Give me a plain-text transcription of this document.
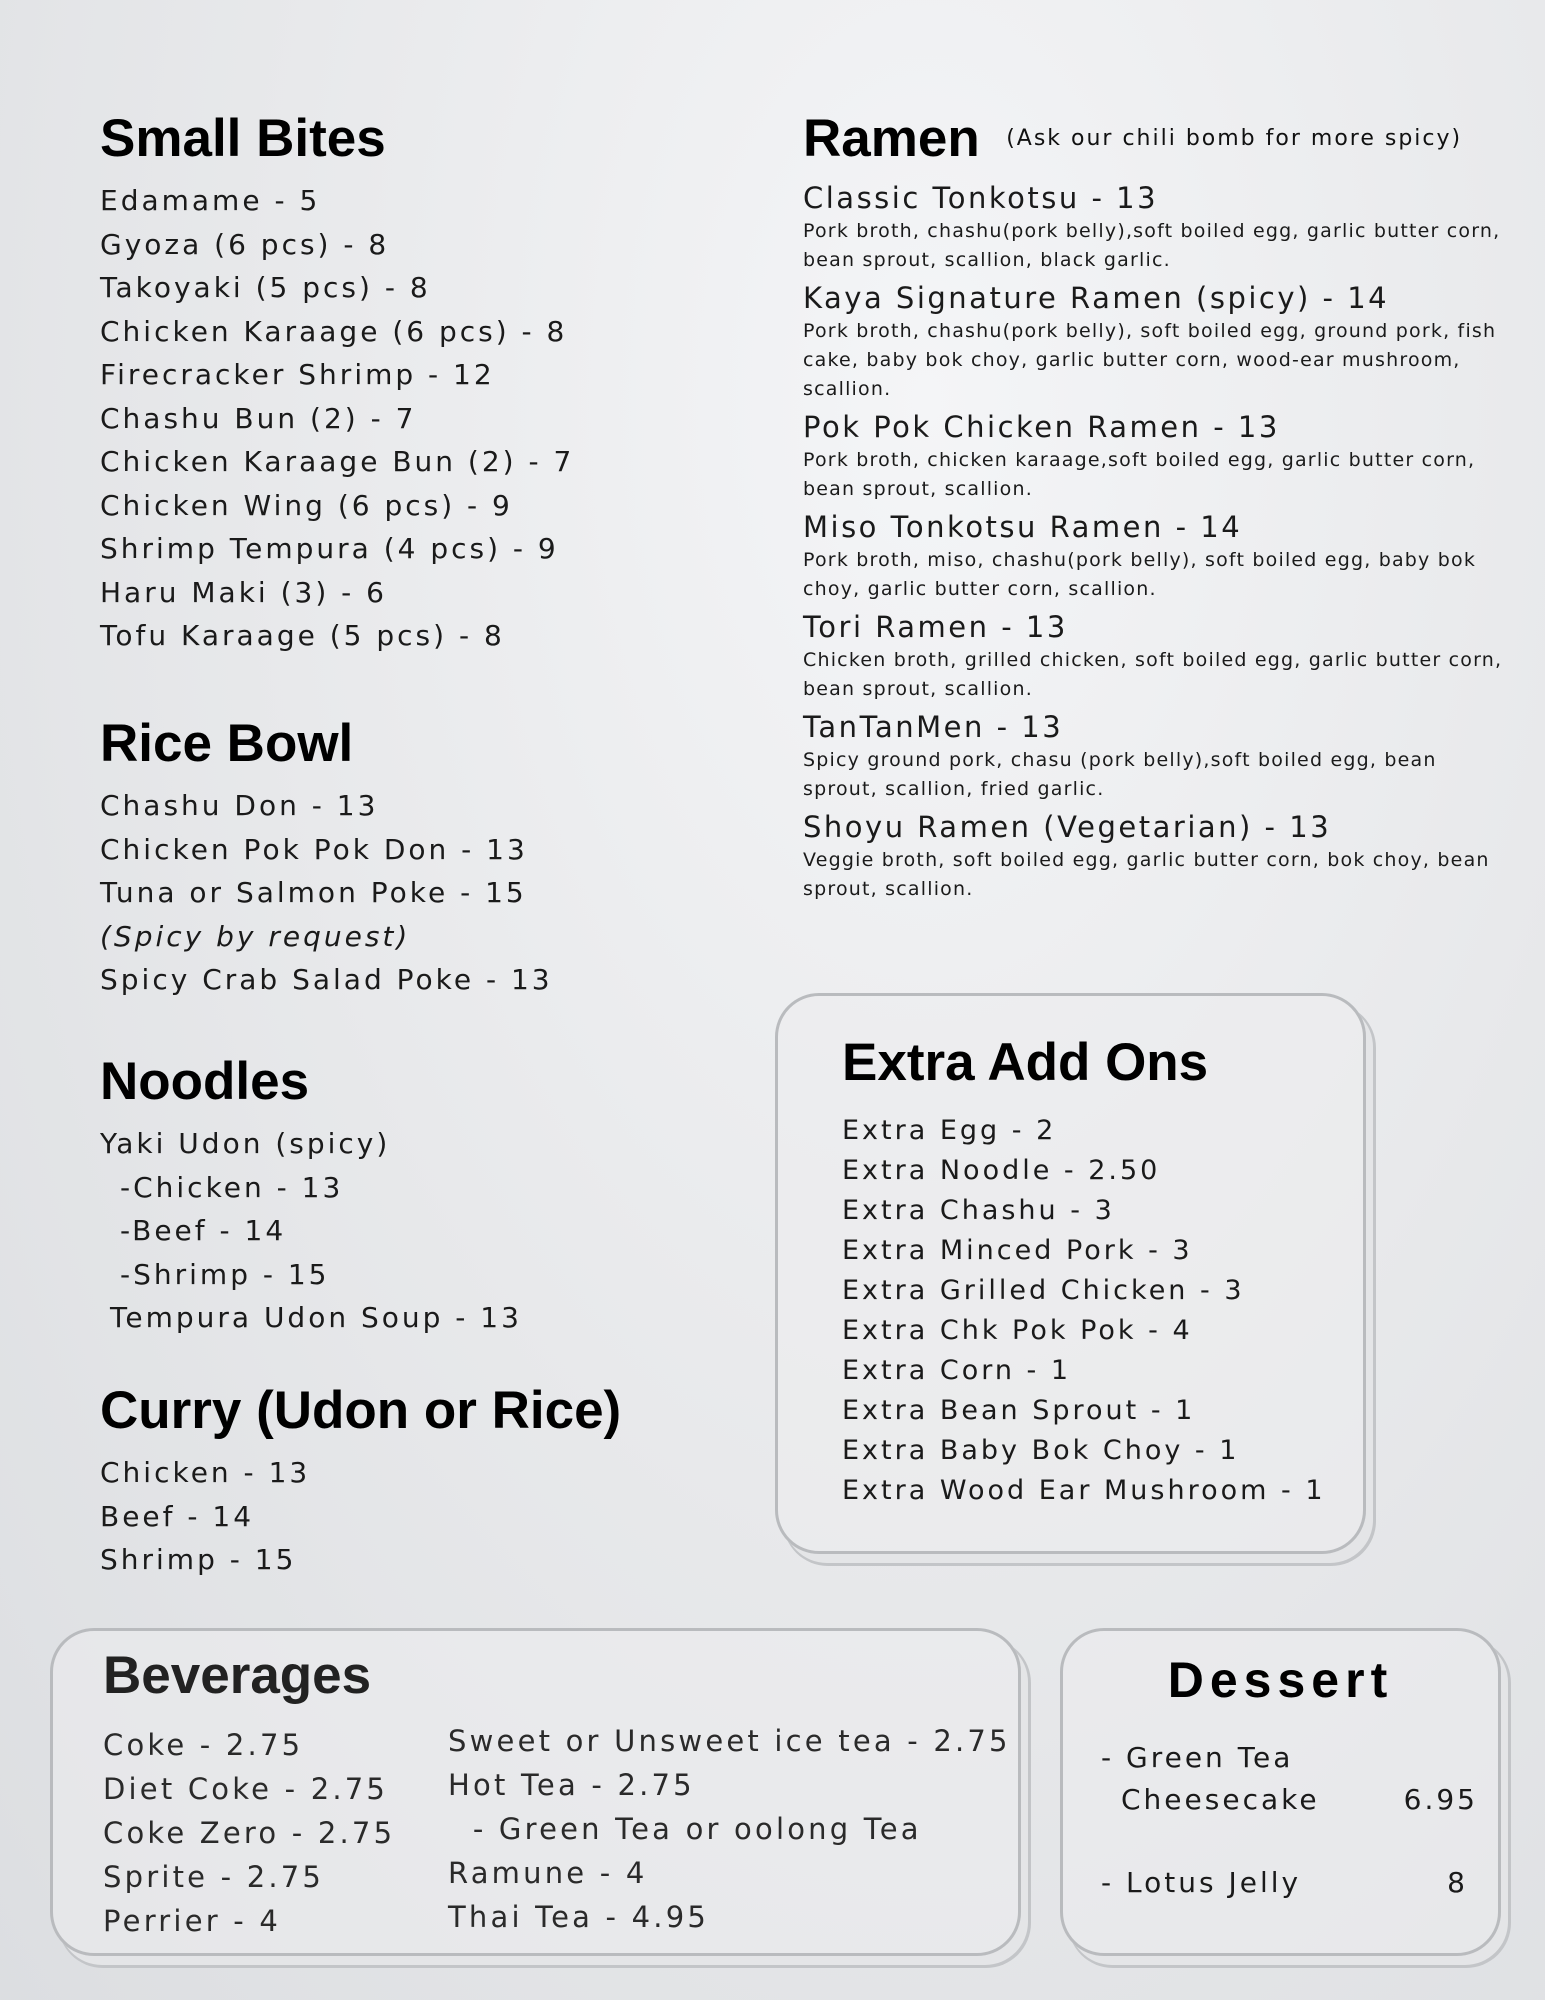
Small Bites
Edamame - 5
Gyoza (6 pcs) - 8
Takoyaki (5 pcs) - 8
Chicken Karaage (6 pcs) - 8
Firecracker Shrimp - 12
Chashu Bun (2) - 7
Chicken Karaage Bun (2) - 7
Chicken Wing (6 pcs) - 9
Shrimp Tempura (4 pcs) - 9
Haru Maki (3) - 6
Tofu Karaage (5 pcs) - 8
Rice Bowl
Chashu Don - 13
Chicken Pok Pok Don - 13
Tuna or Salmon Poke - 15
(Spicy by request)
Spicy Crab Salad Poke - 13
Noodles
Yaki Udon (spicy)
-Chicken - 13
-Beef - 14
-Shrimp - 15
Tempura Udon Soup - 13
Curry (Udon or Rice)
Chicken - 13
Beef - 14
Shrimp - 15
Ramen (Ask our chili bomb for more spicy)
Classic Tonkotsu - 13
Pork broth, chashu(pork belly),soft boiled egg, garlic butter corn, bean sprout, scallion, black garlic.
Kaya Signature Ramen (spicy) - 14
Pork broth, chashu(pork belly), soft boiled egg, ground pork, fish cake, baby bok choy, garlic butter corn, wood-ear mushroom, scallion.
Pok Pok Chicken Ramen - 13
Pork broth, chicken karaage,soft boiled egg, garlic butter corn, bean sprout, scallion.
Miso Tonkotsu Ramen - 14
Pork broth, miso, chashu(pork belly), soft boiled egg, baby bok choy, garlic butter corn, scallion.
Tori Ramen - 13
Chicken broth, grilled chicken, soft boiled egg, garlic butter corn, bean sprout, scallion.
TanTanMen - 13
Spicy ground pork, chasu (pork belly),soft boiled egg, bean sprout, scallion, fried garlic.
Shoyu Ramen (Vegetarian) - 13
Veggie broth, soft boiled egg, garlic butter corn, bok choy, bean sprout, scallion.
Extra Add Ons
Extra Egg - 2
Extra Noodle - 2.50
Extra Chashu - 3
Extra Minced Pork - 3
Extra Grilled Chicken - 3
Extra Chk Pok Pok - 4
Extra Corn - 1
Extra Bean Sprout - 1
Extra Baby Bok Choy - 1
Extra Wood Ear Mushroom - 1
Beverages
Coke - 2.75
Diet Coke - 2.75
Coke Zero - 2.75
Sprite - 2.75
Perrier - 4
Sweet or Unsweet ice tea - 2.75
Hot Tea - 2.75
- Green Tea or oolong Tea
Ramune - 4
Thai Tea - 4.95
Dessert
- Green Tea
Cheesecake	6.95
- Lotus Jelly	8
